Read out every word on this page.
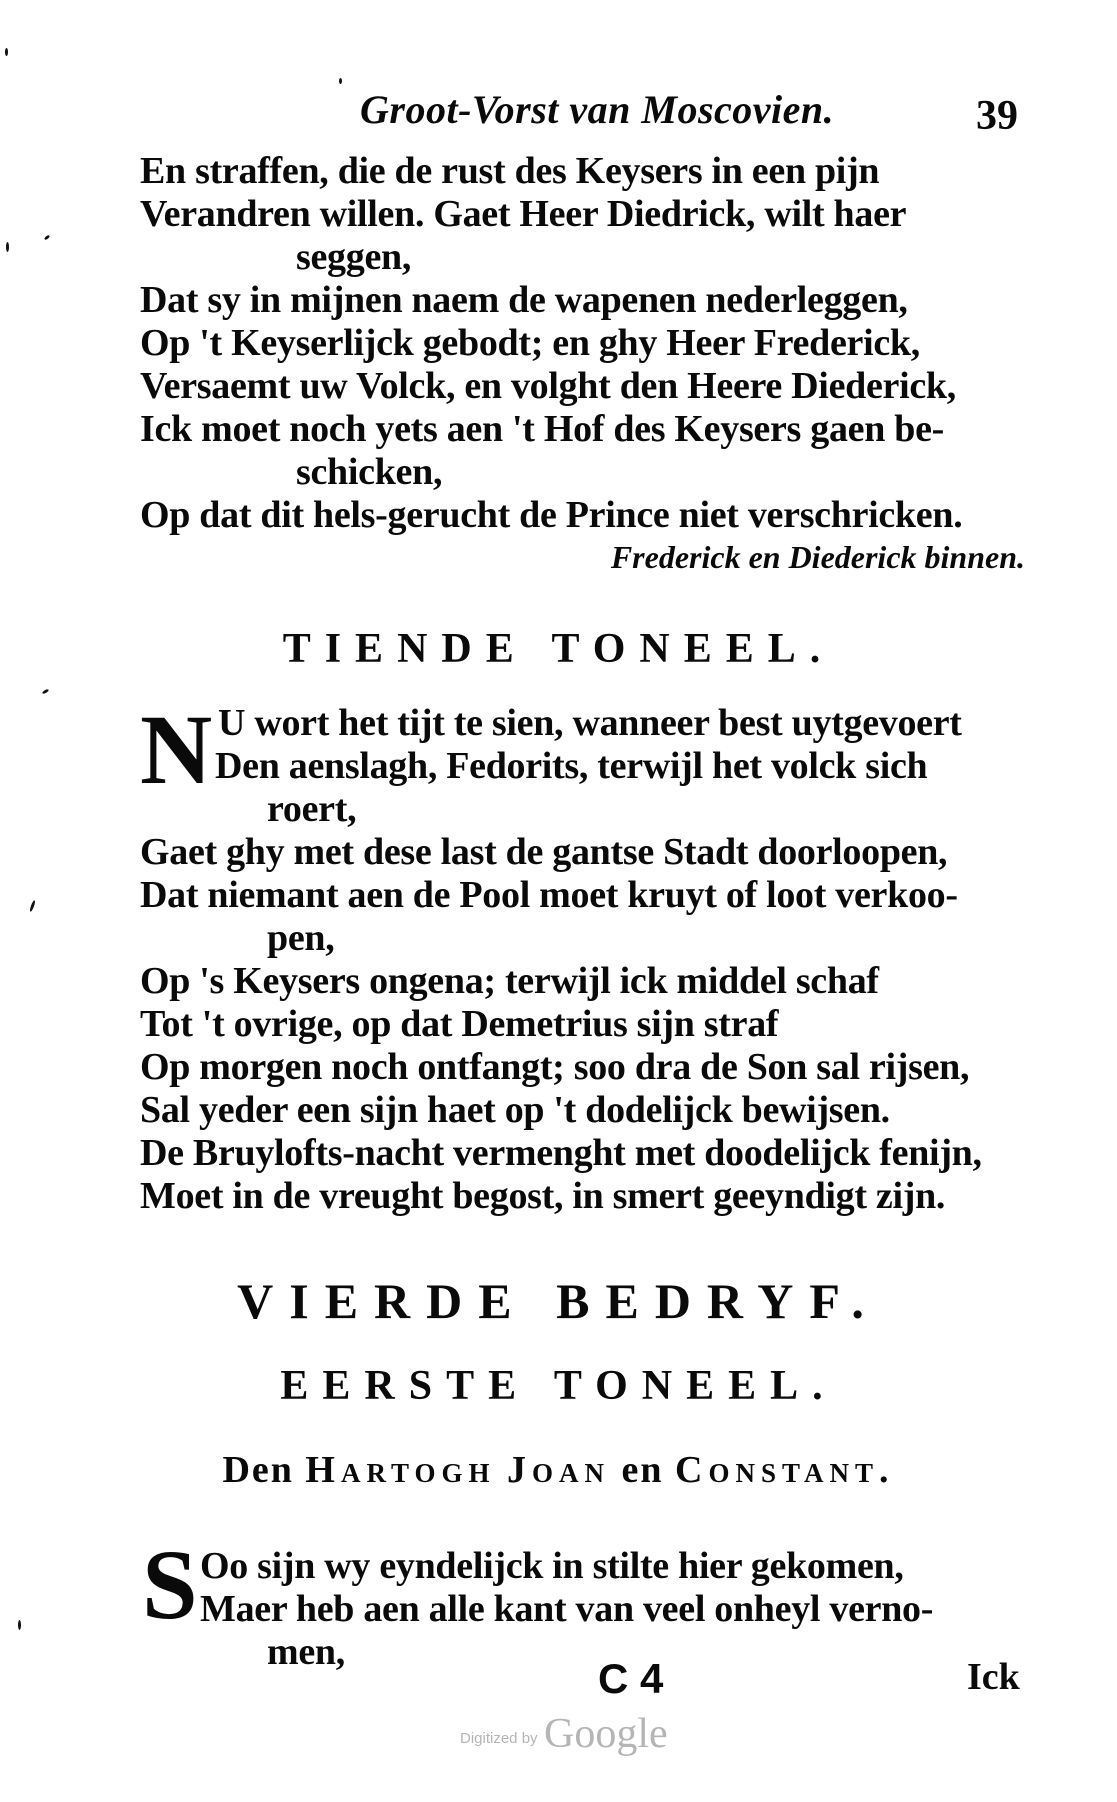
Groot-Vorst van Moscovien.	39
En straffen, die de rust des Keysers in een pijn
Verandren willen. Gaet Heer Diedrick, wilt haer
seggen,
Dat sy in mijnen naem de wapenen nederleggen,
Op 't Keyserlijck gebodt; en ghy Heer Frederick,
Versaemt uw Volck, en volght den Heere Diederick,
Ick moet noch yets aen 't Hof des Keysers gaen be-
schicken,
Op dat dit hels-gerucht de Prince niet verschricken.
Frederick en Diederick binnen.
TIENDE TONEEL.
N U wort het tijt te sien, wanneer best uytgevoert
Den aenslagh, Fedorits, terwijl het volck sich
roert,
Gaet ghy met dese last de gantse Stadt doorloopen,
Dat niemant aen de Pool moet kruyt of loot verkoo-
pen,
Op 's Keysers ongena; terwijl ick middel schaf
Tot 't ovrige, op dat Demetrius sijn straf
Op morgen noch ontfangt; soo dra de Son sal rijsen,
Sal yeder een sijn haet op 't dodelijck bewijsen.
De Bruylofts-nacht vermenght met doodelijck fenijn,
Moet in de vreught begost, in smert geeyndigt zijn.
VIERDE BEDRYF.
EERSTE TONEEL.
Den Hartogh Joan en Constant.
S Oo sijn wy eyndelijck in stilte hier gekomen,
Maer heb aen alle kant van veel onheyl verno-
men,
C 4	Ick
Digitized by Google
